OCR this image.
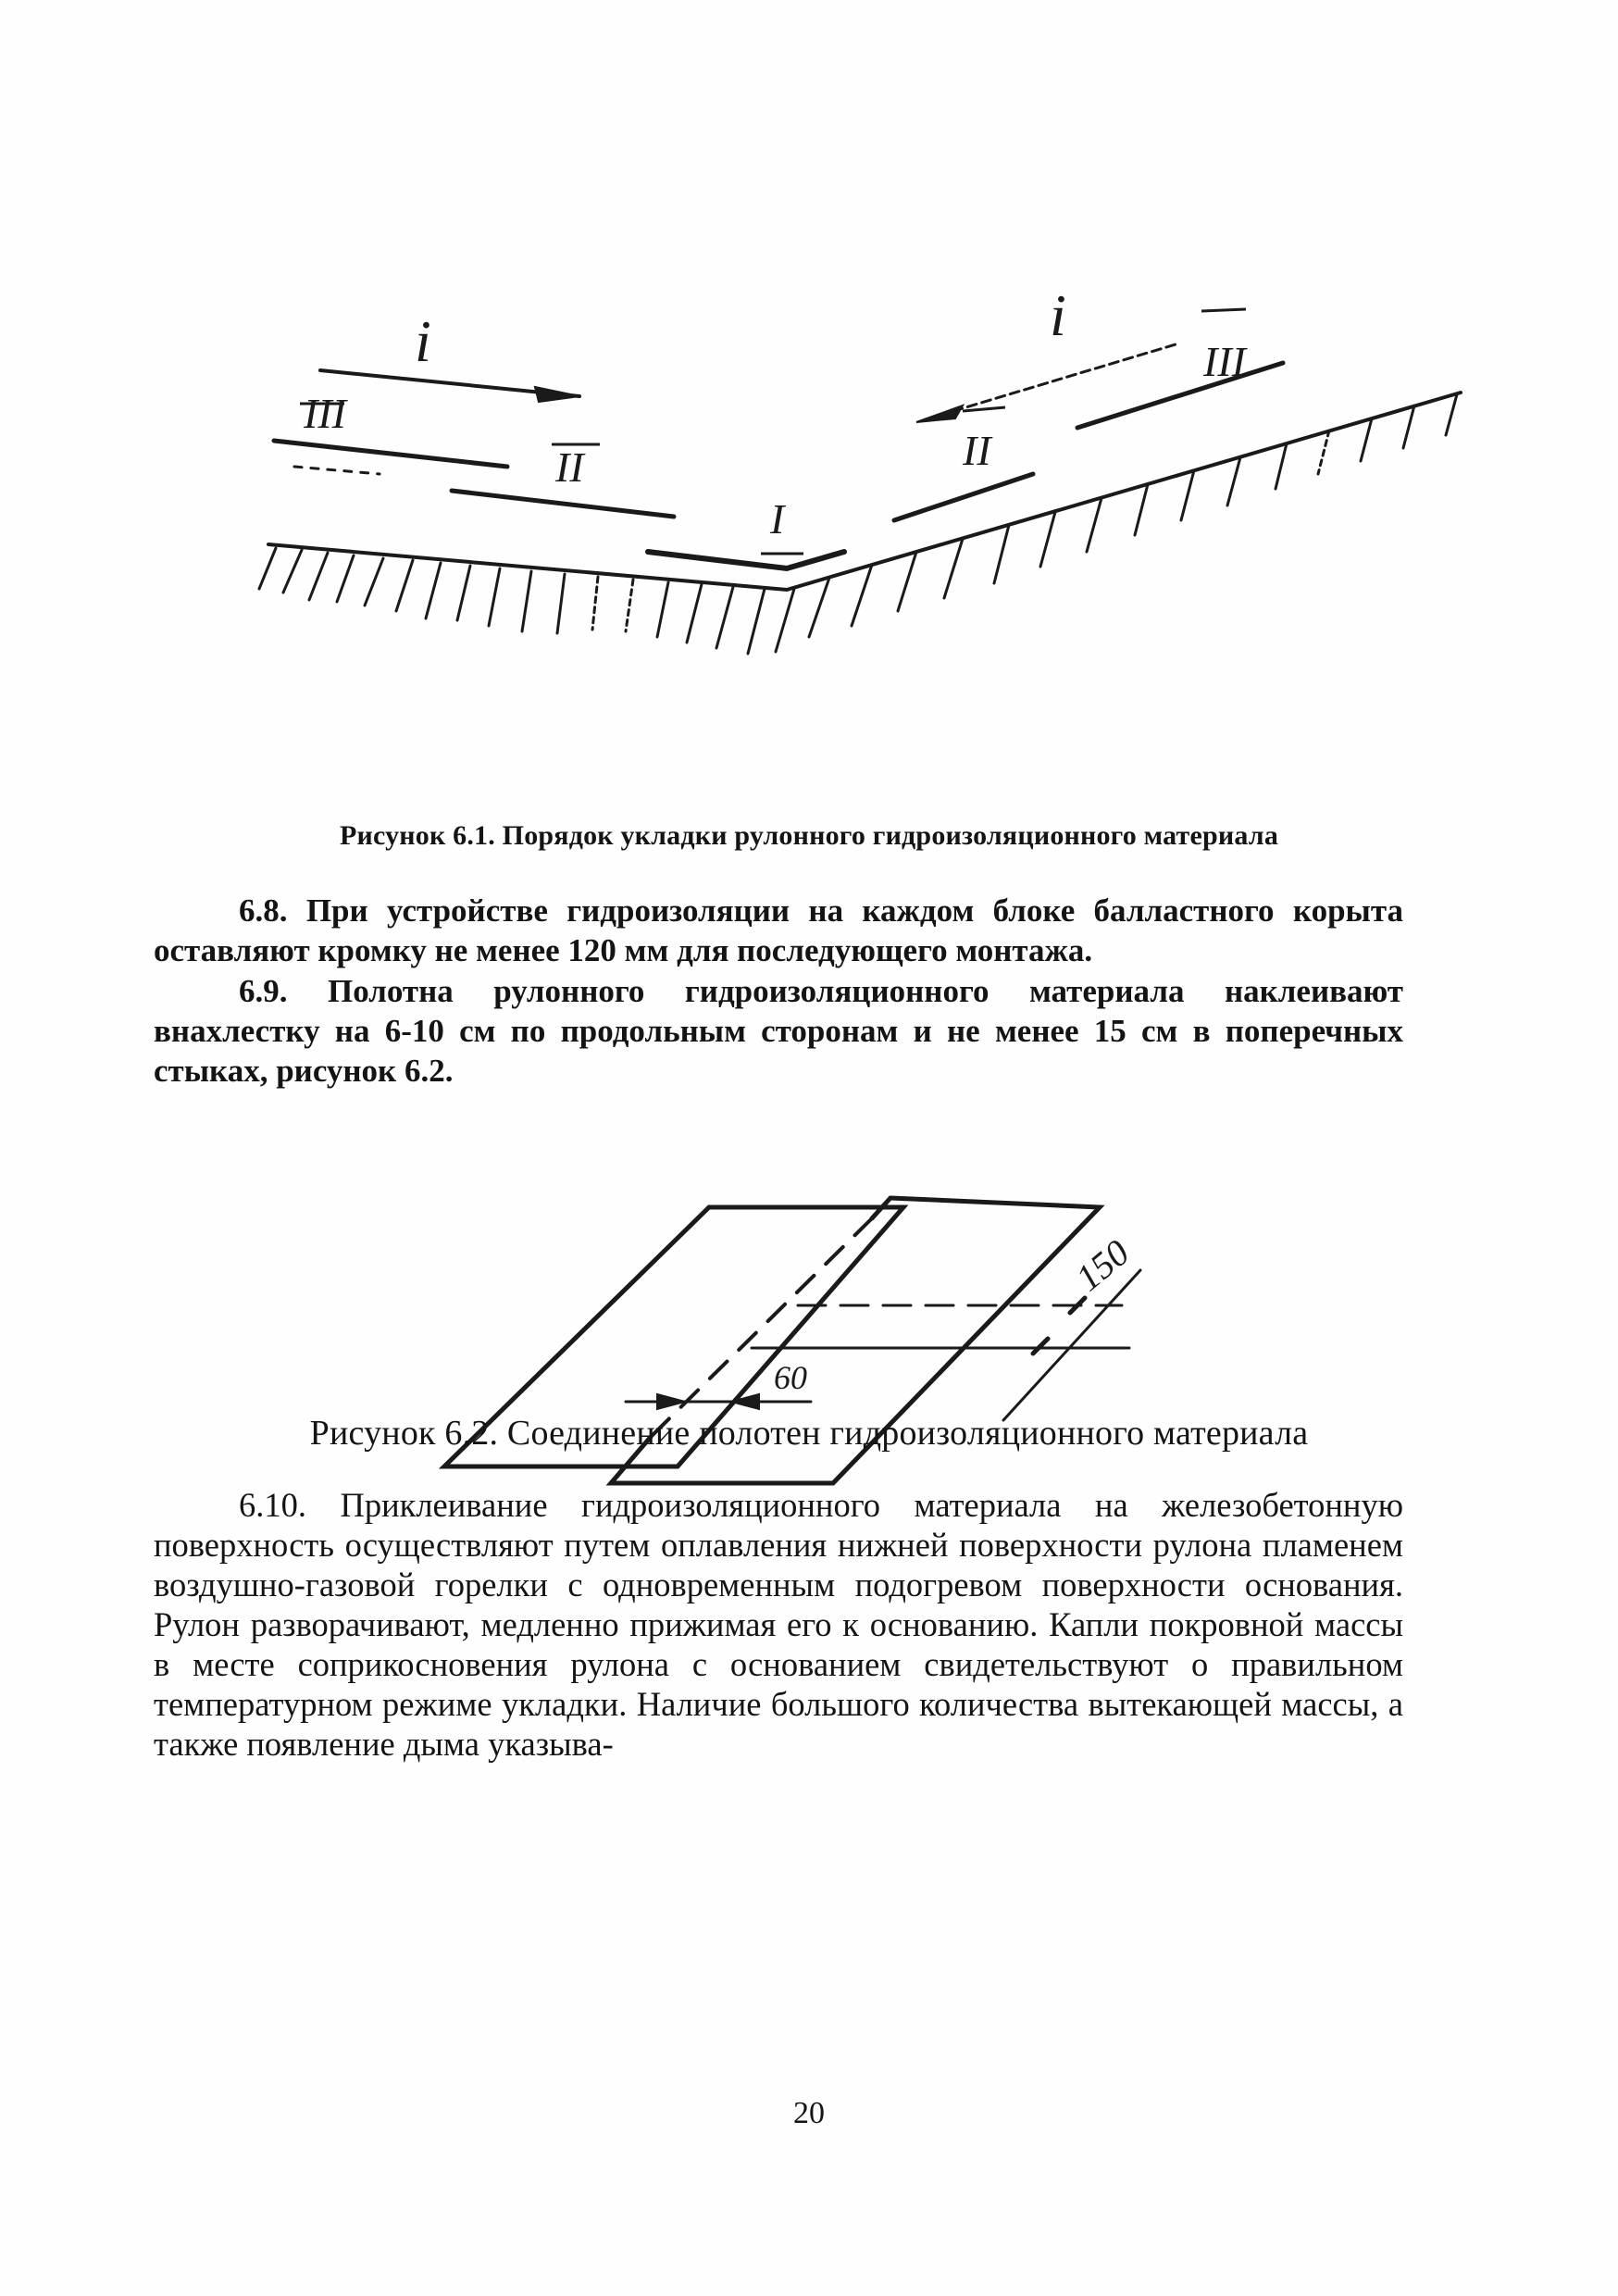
i	i
III
II
I
II
III
Рисунок 6.1. Порядок укладки рулонного гидроизоляционного материала
6.8. При устройстве гидроизоляции на каждом блоке балластного корыта оставляют кромку не менее 120 мм для последующего монтажа.
6.9. Полотна рулонного гидроизоляционного материала наклеивают внахлестку на 6-10 см по продольным сторонам и не менее 15 см в поперечных стыках, рисунок 6.2.
150
60
Рисунок 6.2. Соединение полотен гидроизоляционного материала
6.10. Приклеивание гидроизоляционного материала на железобетонную поверхность осуществляют путем оплавления нижней поверхности рулона пламенем воздушно-газовой горелки с одновременным подогревом поверхности основания. Рулон разворачивают, медленно прижимая его к основанию. Капли покровной массы в месте соприкосновения рулона с основанием свидетельствуют о правильном температурном режиме укладки. Наличие большого количества вытекающей массы, а также появление дыма указыва-
20
